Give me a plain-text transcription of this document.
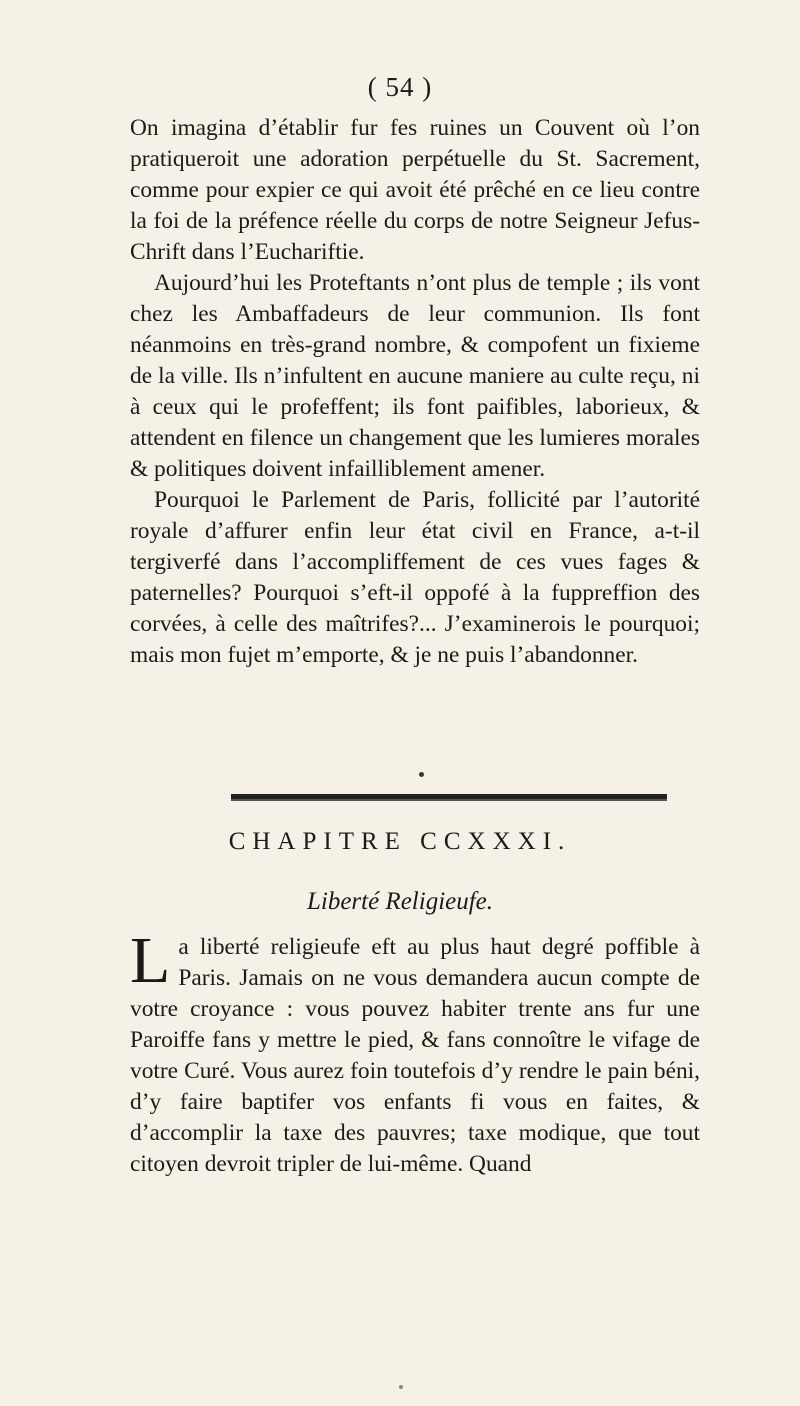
( 54 )

On imagina d’établir fur fes ruines un Couvent où l’on pratiqueroit une adoration perpétuelle du St. Sacrement, comme pour expier ce qui avoit été prêché en ce lieu contre la foi de la préfence réelle du corps de notre Seigneur Jefus-Chrift dans l’Euchariftie.

Aujourd’hui les Proteftants n’ont plus de temple ; ils vont chez les Ambaffadeurs de leur communion. Ils font néanmoins en très-grand nombre, & compofent un fixieme de la ville. Ils n’infultent en aucune maniere au culte reçu, ni à ceux qui le profeffent; ils font paifibles, laborieux, & attendent en filence un changement que les lumieres morales & politiques doivent infailliblement amener.

Pourquoi le Parlement de Paris, follicité par l’autorité royale d’affurer enfin leur état civil en France, a-t-il tergiverfé dans l’accompliffement de ces vues fages & paternelles? Pourquoi s’eft-il oppofé à la fuppreffion des corvées, à celle des maîtrifes?... J’examinerois le pourquoi; mais mon fujet m’emporte, & je ne puis l’abandonner.

CHAPITRE CCXXXI.
Liberté Religieufe.
L a liberté religieufe eft au plus haut degré poffible à Paris. Jamais on ne vous demandera aucun compte de votre croyance : vous pouvez habiter trente ans fur une Paroiffe fans y mettre le pied, & fans connoître le vifage de votre Curé. Vous aurez foin toutefois d’y rendre le pain béni, d’y faire baptifer vos enfants fi vous en faites, & d’accomplir la taxe des pauvres; taxe modique, que tout citoyen devroit tripler de lui-même. Quand
